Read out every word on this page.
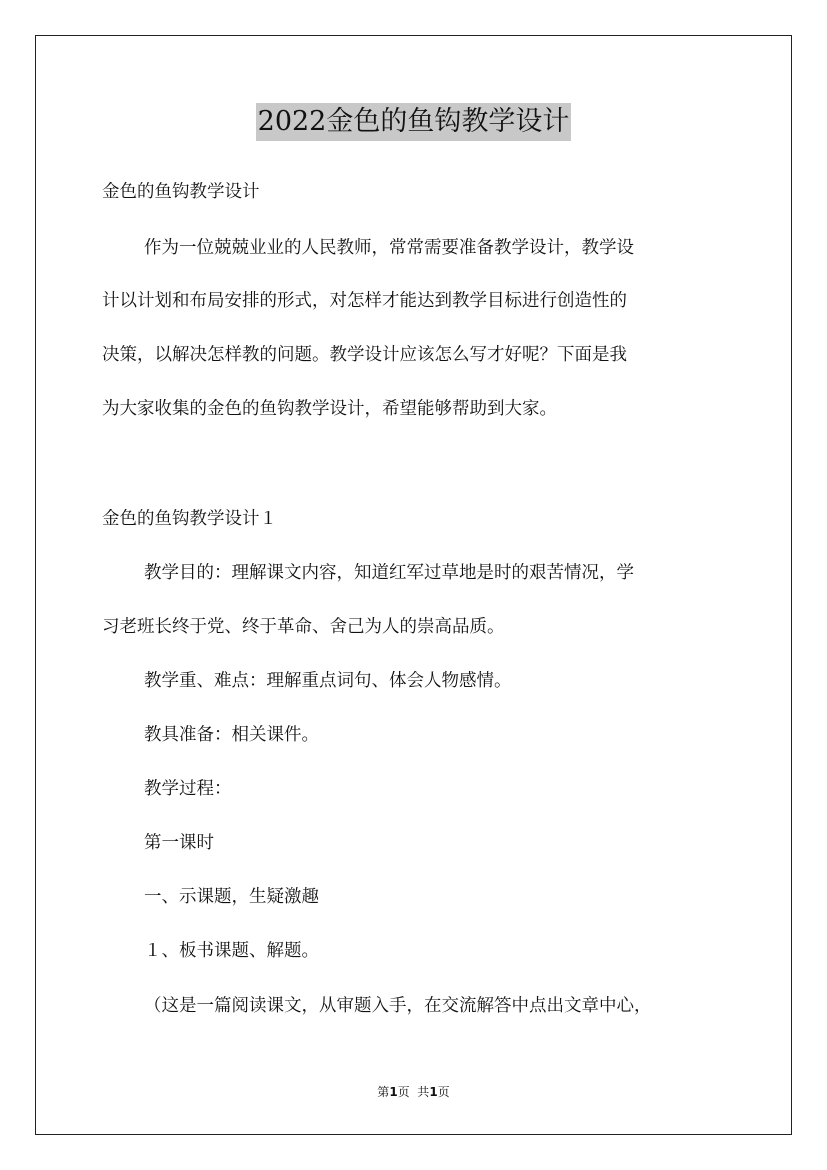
2022金色的鱼钩教学设计
金色的鱼钩教学设计
作为一位兢兢业业的人民教师，常常需要准备教学设计，教学设
计以计划和布局安排的形式，对怎样才能达到教学目标进行创造性的
决策，以解决怎样教的问题。教学设计应该怎么写才好呢？下面是我
为大家收集的金色的鱼钩教学设计，希望能够帮助到大家。
金色的鱼钩教学设计１
教学目的：理解课文内容，知道红军过草地是时的艰苦情况，学
习老班长终于党、终于革命、舍己为人的崇高品质。
教学重、难点：理解重点词句、体会人物感情。
教具准备：相关课件。
教学过程：
第一课时
一、示课题，生疑激趣
１、板书课题、解题。
（这是一篇阅读课文，从审题入手，在交流解答中点出文章中心，
第1页  共1页
